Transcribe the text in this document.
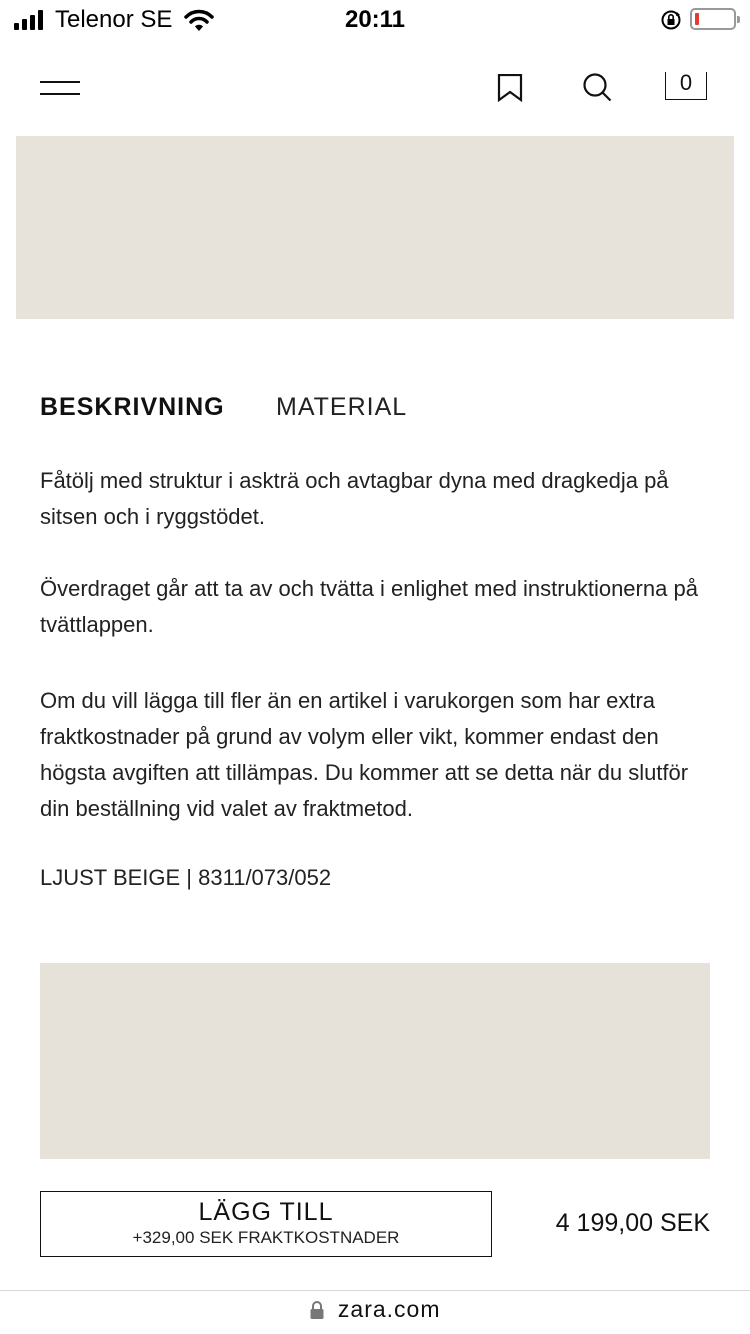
Telenor SE	20:11
0
BESKRIVNING MATERIAL

Fåtölj med struktur i askträ och avtagbar dyna med dragkedja på sitsen och i ryggstödet.

Överdraget går att ta av och tvätta i enlighet med instruktionerna på tvättlappen.

Om du vill lägga till fler än en artikel i varukorgen som har extra fraktkostnader på grund av volym eller vikt, kommer endast den högsta avgiften att tillämpas. Du kommer att se detta när du slutför din beställning vid valet av fraktmetod.

LJUST BEIGE | 8311/073/052
LÄGG TILL
+329,00 SEK FRAKTKOSTNADER
4 199,00 SEK
zara.com
